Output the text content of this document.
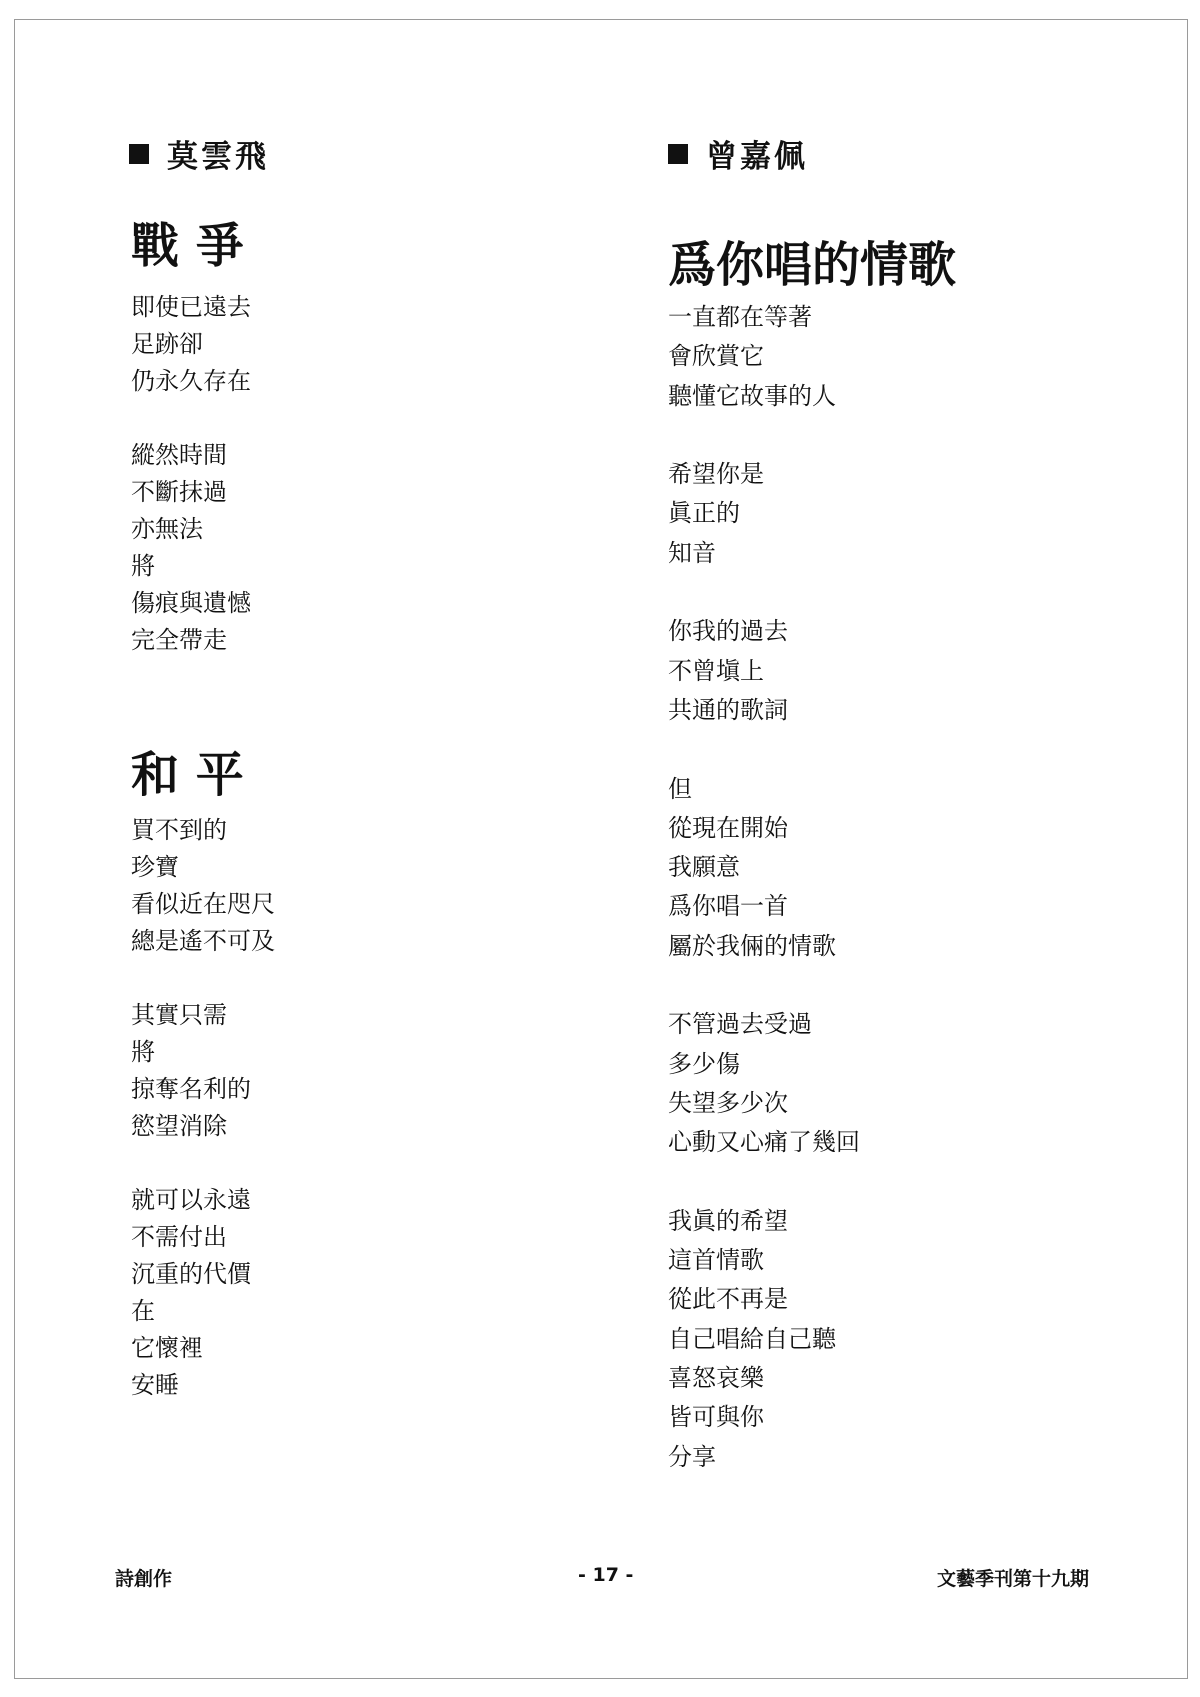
莫雲飛
戰 爭
即使已遠去
足跡卻
仍永久存在
縱然時間
不斷抹過
亦無法
將
傷痕與遺憾
完全帶走
和 平
買不到的
珍寶
看似近在咫尺
總是遙不可及
其實只需
將
掠奪名利的
慾望消除
就可以永遠
不需付出
沉重的代價
在
它懷裡
安睡
曾嘉佩
爲你唱的情歌
一直都在等著
會欣賞它
聽懂它故事的人
希望你是
眞正的
知音
你我的過去
不曾塡上
共通的歌詞
但
從現在開始
我願意
爲你唱一首
屬於我倆的情歌
不管過去受過
多少傷
失望多少次
心動又心痛了幾回
我眞的希望
這首情歌
從此不再是
自己唱給自己聽
喜怒哀樂
皆可與你
分享
詩創作	- 17 -	文藝季刊第十九期
